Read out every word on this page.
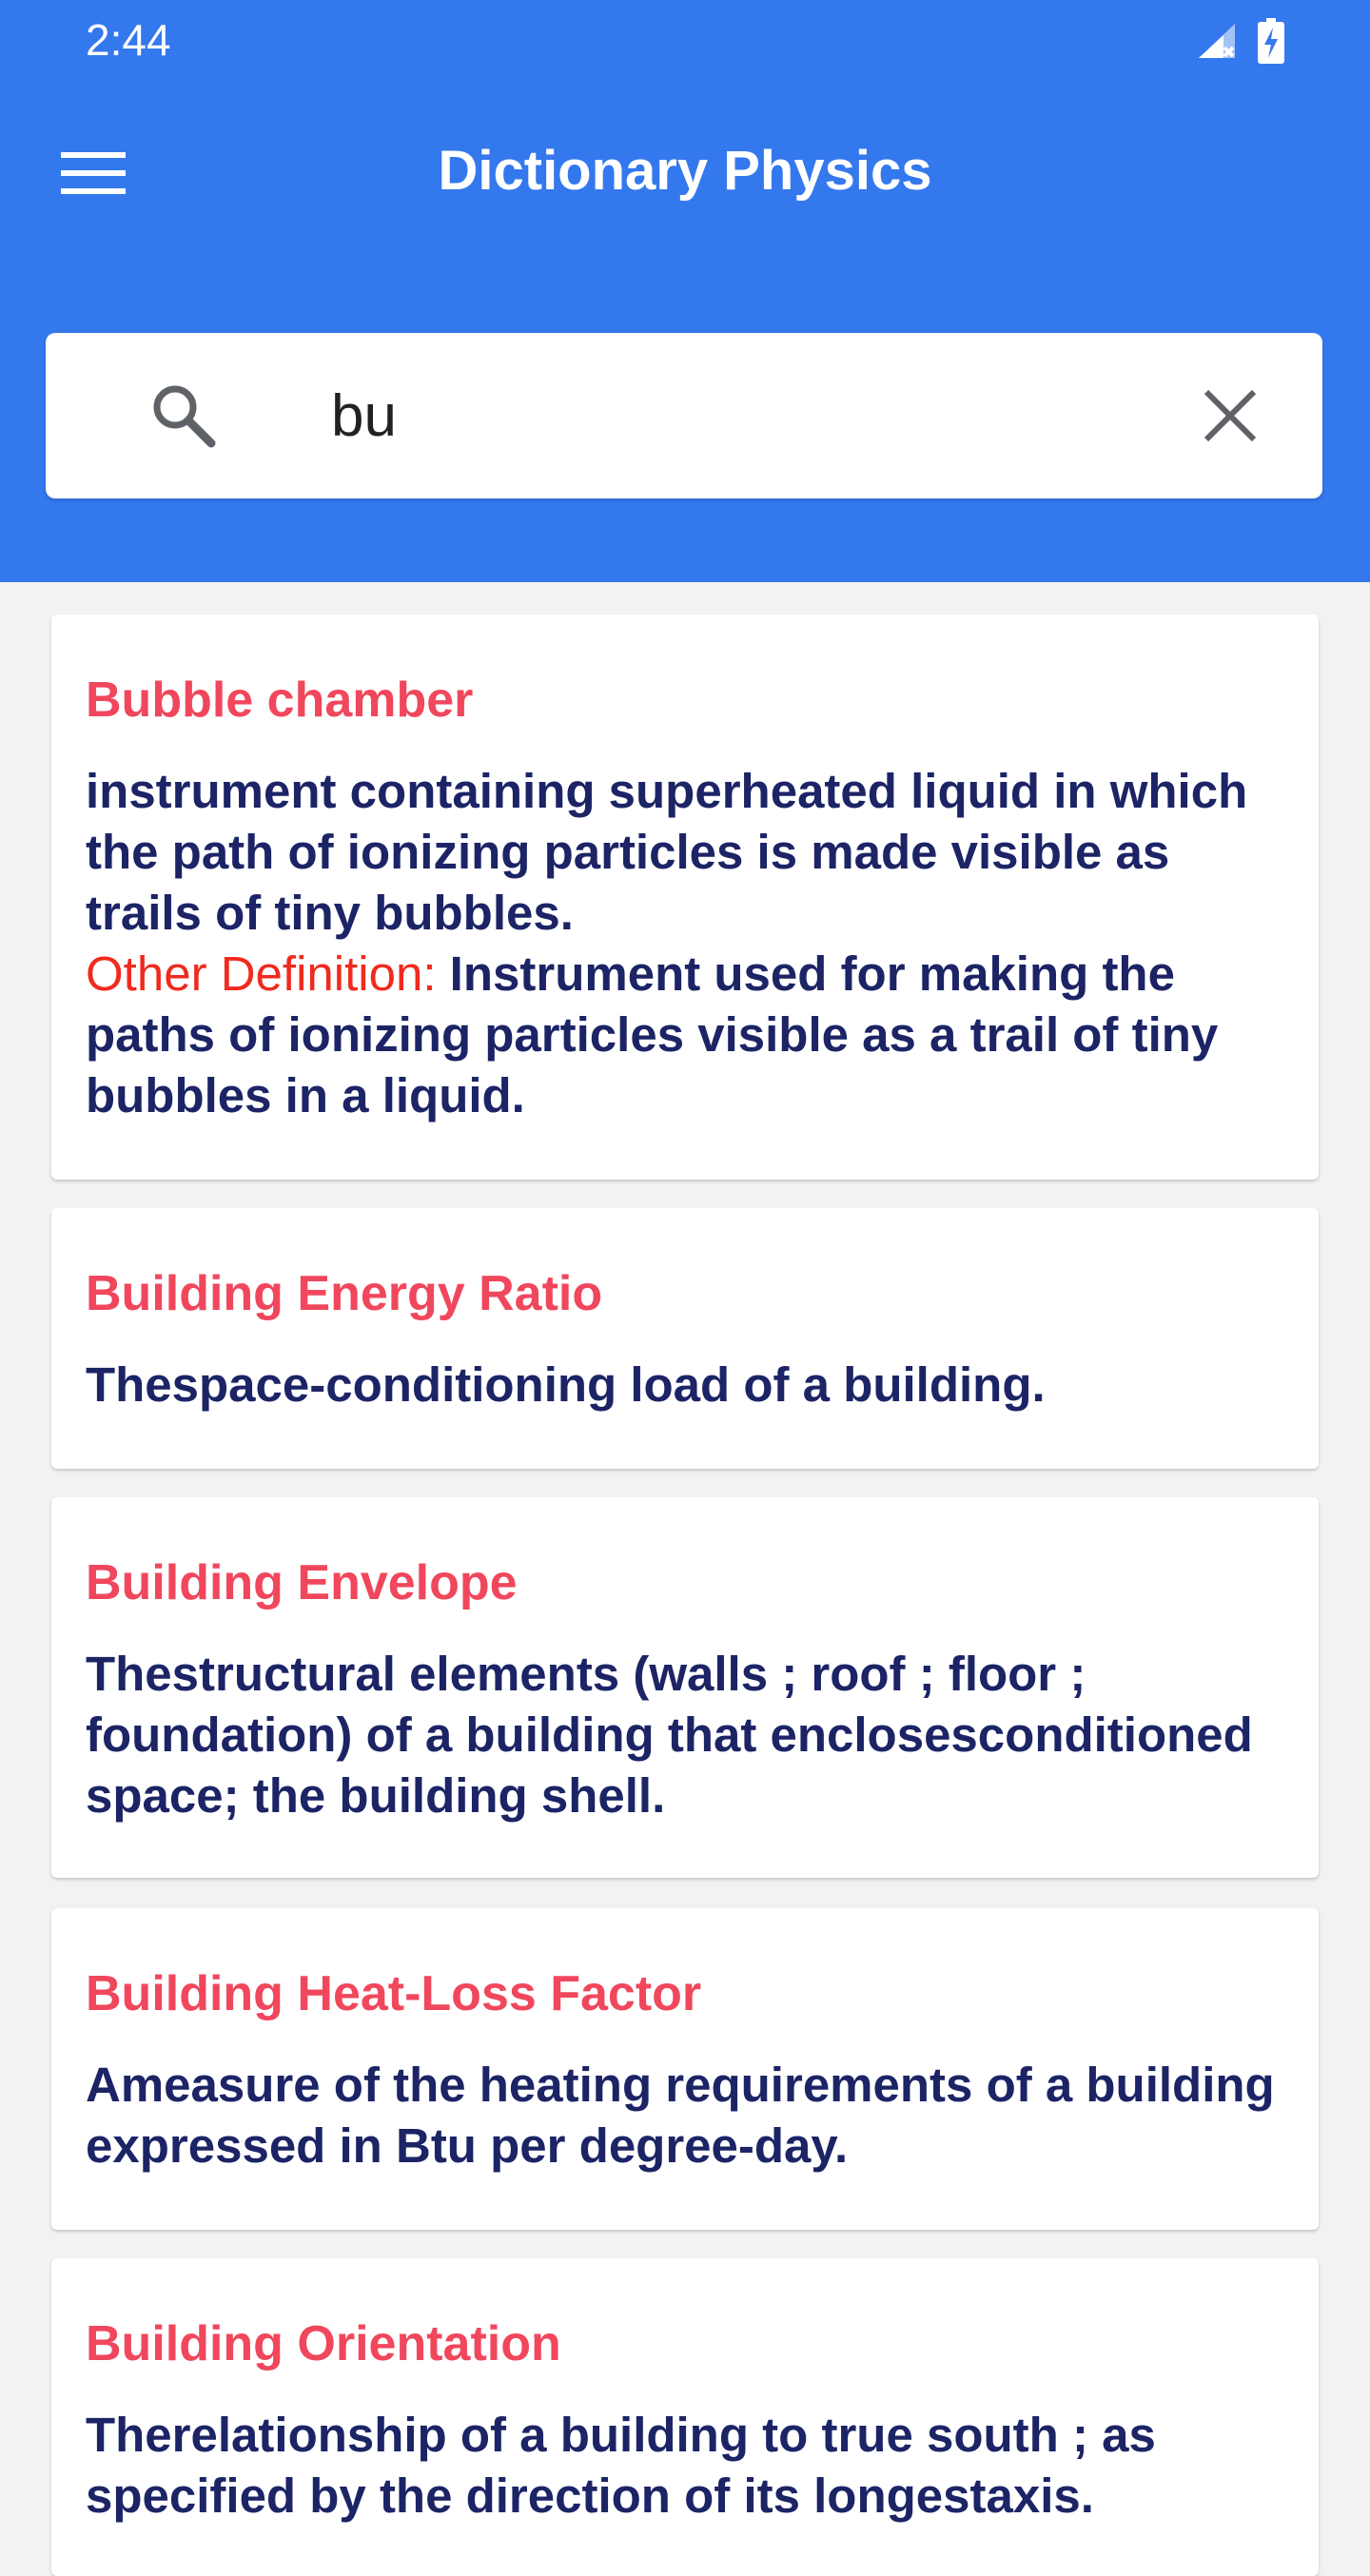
2:44
Dictionary Physics
bu
Bubble chamber
instrument containing superheated liquid in which the path of ionizing particles is made visible as trails of tiny bubbles.
Other Definition: Instrument used for making the paths of ionizing particles visible as a trail of tiny bubbles in a liquid.
Building Energy Ratio
Thespace-conditioning load of a building.
Building Envelope
Thestructural elements (walls ; roof ; floor ; foundation) of a building that enclosesconditioned space; the building shell.
Building Heat-Loss Factor
Ameasure of the heating requirements of a building expressed in Btu per degree-day.
Building Orientation
Therelationship of a building to true south ; as specified by the direction of its longestaxis.
